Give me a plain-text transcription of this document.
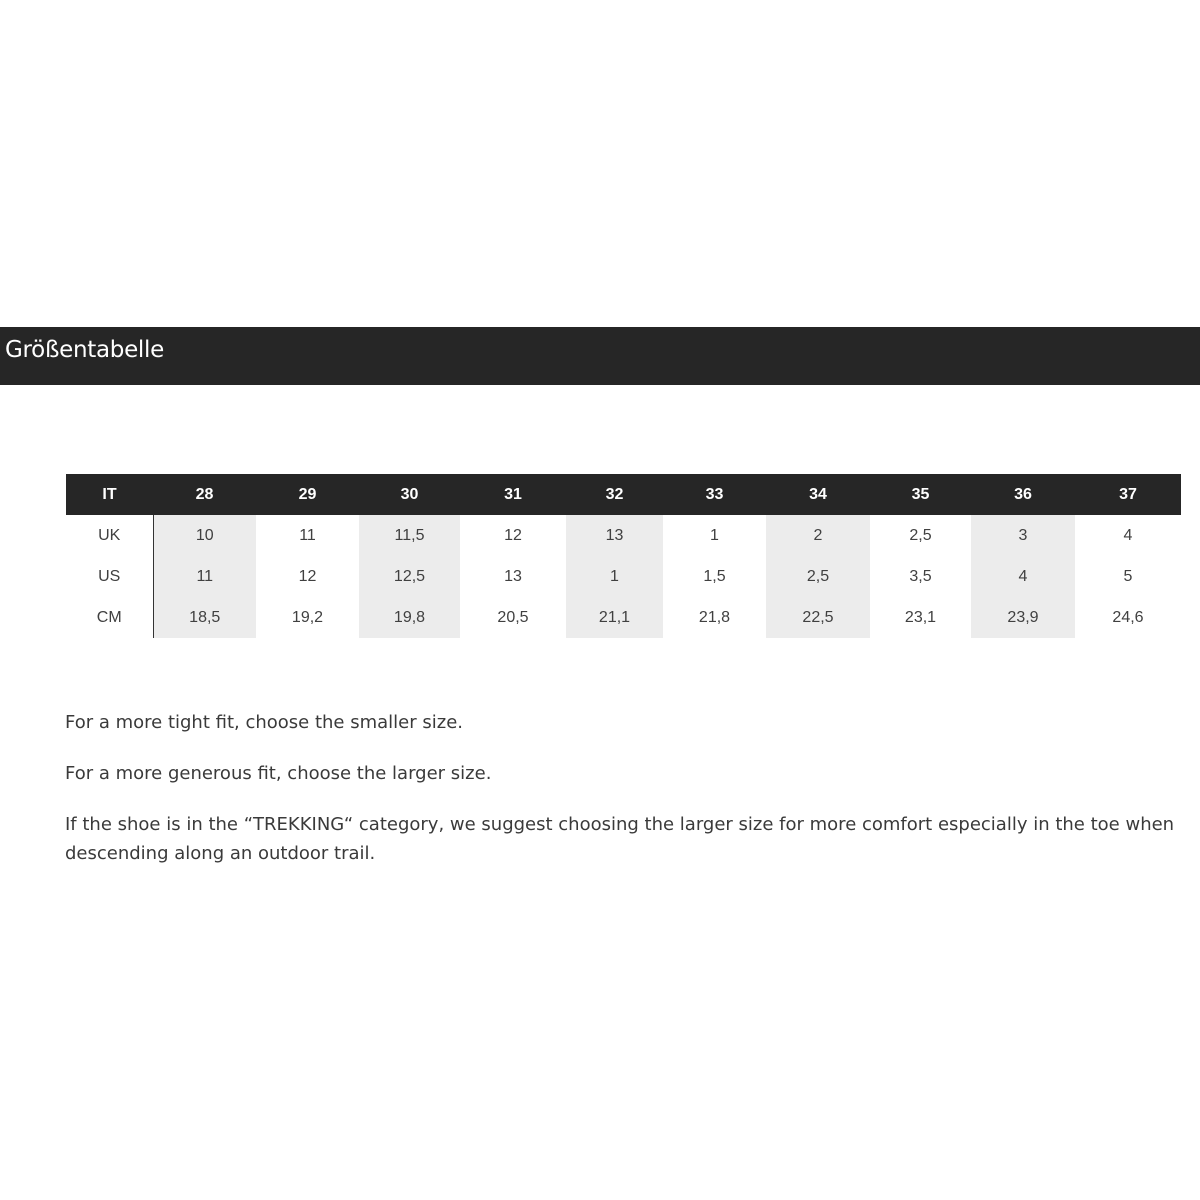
Größentabelle
IT	28	29	30	31	32	33	34	35	36	37
UK	10	11	11,5	12	13	1	2	2,5	3	4
US	11	12	12,5	13	1	1,5	2,5	3,5	4	5
CM	18,5	19,2	19,8	20,5	21,1	21,8	22,5	23,1	23,9	24,6

For a more tight fit, choose the smaller size.

For a more generous fit, choose the larger size.

If the shoe is in the “TREKKING“ category, we suggest choosing the larger size for more comfort especially in the toe when descending along an outdoor trail.
